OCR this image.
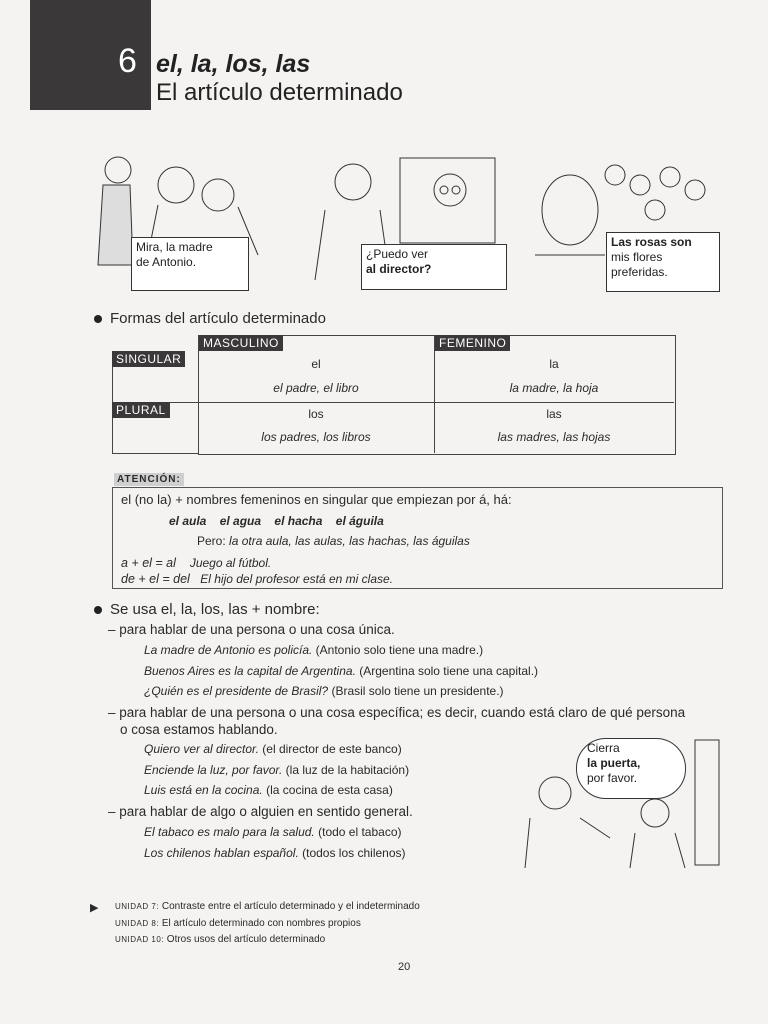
6 el, la, los, las
El artículo determinado
Mira, la madre
de Antonio.
¿Puedo ver
al director?
Las rosas son
mis flores
preferidas.
Formas del artículo determinado
MASCULINO	FEMENINO
SINGULAR
PLURAL
el
el padre, el libro
la
la madre, la hoja
los
los padres, los libros
las
las madres, las hojas
ATENCIÓN:
el (no la) + nombres femeninos en singular que empiezan por á, há:
el aula el agua el hacha el águila
Pero: la otra aula, las aulas, las hachas, las águilas
a + el = al Juego al fútbol.
de + el = del El hijo del profesor está en mi clase.
Se usa el, la, los, las + nombre:
– para hablar de una persona o una cosa única.
La madre de Antonio es policía. (Antonio solo tiene una madre.)
Buenos Aires es la capital de Argentina. (Argentina solo tiene una capital.)
¿Quién es el presidente de Brasil? (Brasil solo tiene un presidente.)
– para hablar de una persona o una cosa específica; es decir, cuando está claro de qué persona
o cosa estamos hablando.
Quiero ver al director. (el director de este banco)
Enciende la luz, por favor. (la luz de la habitación)
Luis está en la cocina. (la cocina de esta casa)
– para hablar de algo o alguien en sentido general.
El tabaco es malo para la salud. (todo el tabaco)
Los chilenos hablan español. (todos los chilenos)
Cierra
la puerta,
por favor.
▶ UNIDAD 7: Contraste entre el artículo determinado y el indeterminado
UNIDAD 8: El artículo determinado con nombres propios
UNIDAD 10: Otros usos del artículo determinado
20
